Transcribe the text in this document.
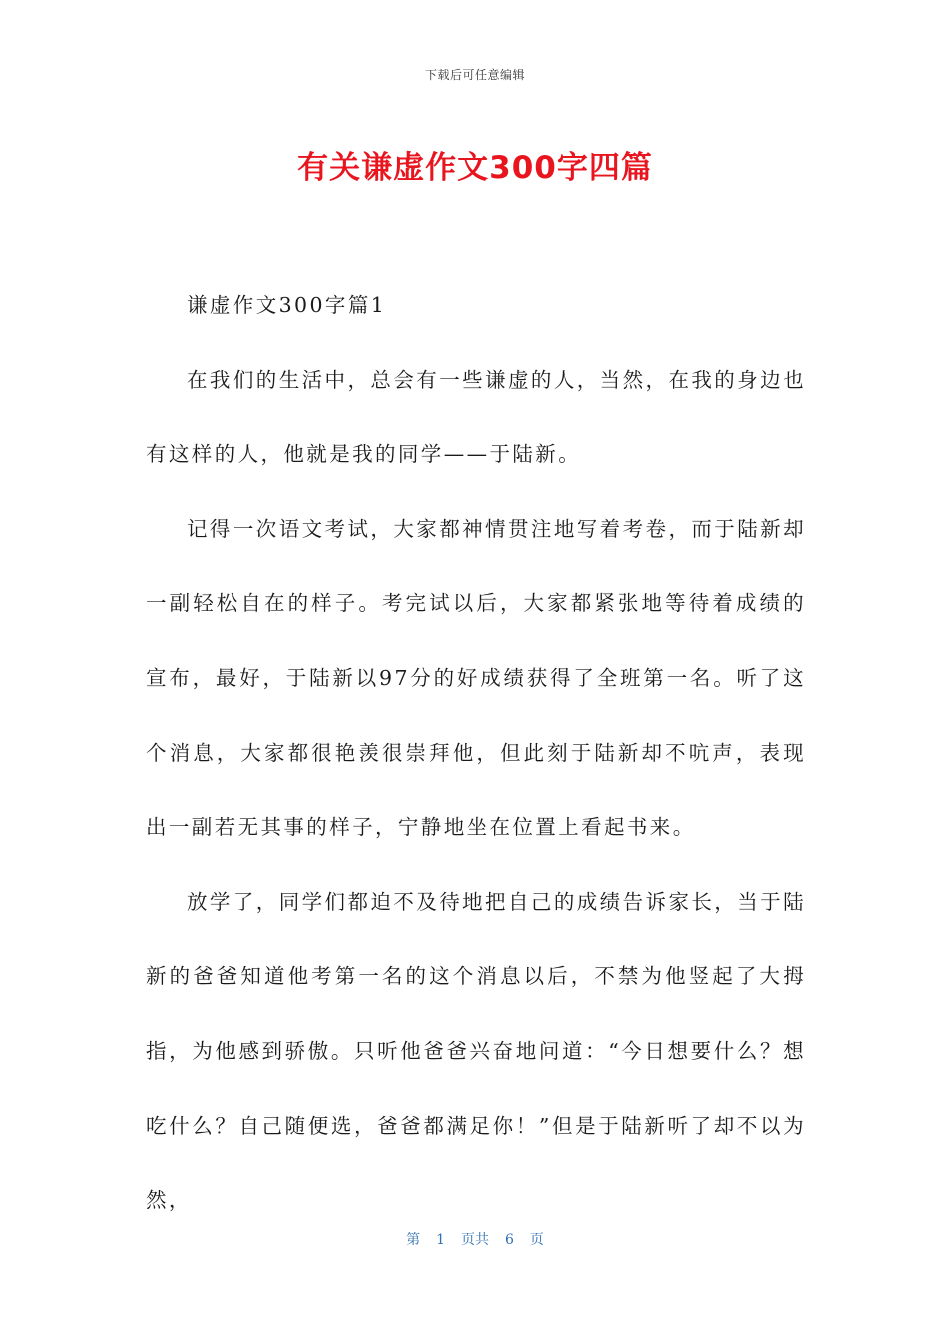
下载后可任意编辑
有关谦虚作文300字四篇

谦虚作文300字篇1

在我们的生活中，总会有一些谦虚的人，当然，在我的身边也有这样的人，他就是我的同学——于陆新。

记得一次语文考试，大家都神情贯注地写着考卷，而于陆新却一副轻松自在的样子。考完试以后，大家都紧张地等待着成绩的宣布，最好，于陆新以97分的好成绩获得了全班第一名。听了这个消息，大家都很艳羡很崇拜他，但此刻于陆新却不吭声，表现出一副若无其事的样子，宁静地坐在位置上看起书来。

放学了，同学们都迫不及待地把自己的成绩告诉家长，当于陆新的爸爸知道他考第一名的这个消息以后，不禁为他竖起了大拇指，为他感到骄傲。只听他爸爸兴奋地问道：“今日想要什么？想吃什么？自己随便选，爸爸都满足你！”但是于陆新听了却不以为然，

第 1 页共 6 页
